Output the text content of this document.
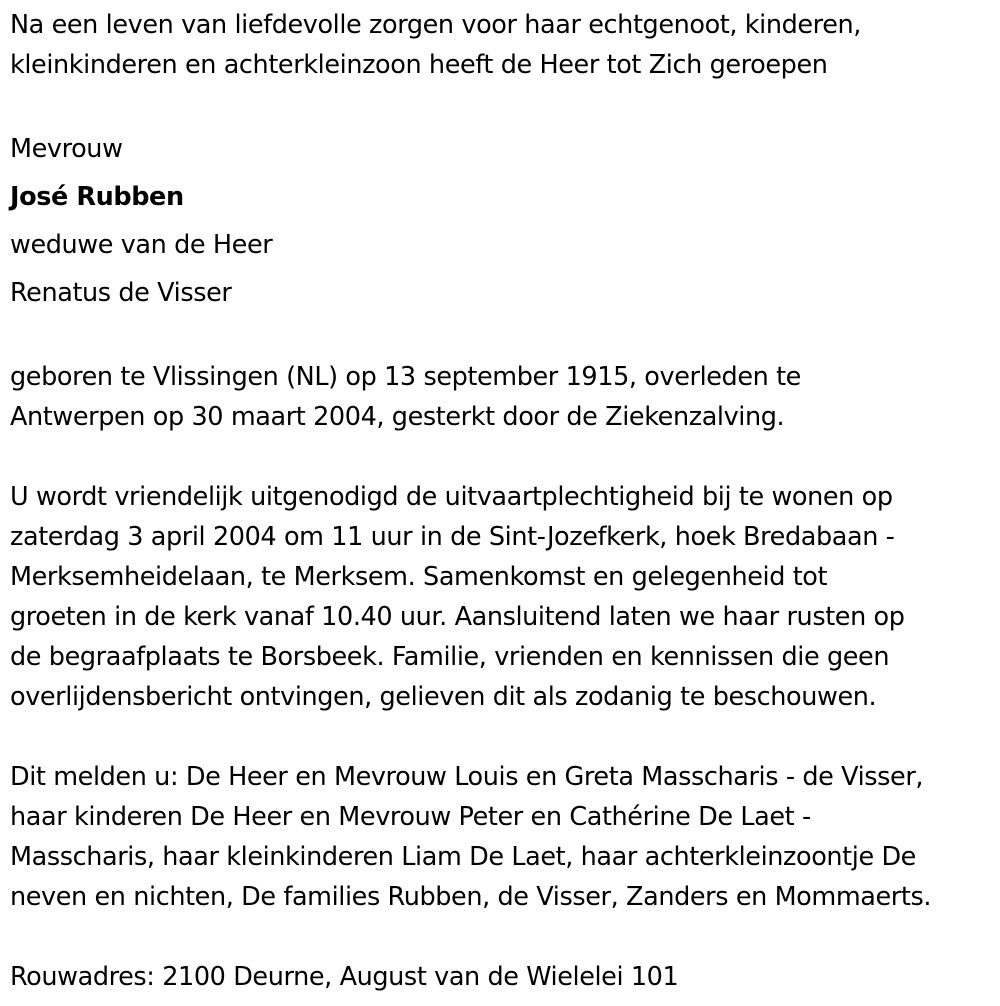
Na een leven van liefdevolle zorgen voor haar echtgenoot, kinderen,
kleinkinderen en achterkleinzoon heeft de Heer tot Zich geroepen
Mevrouw
José Rubben
weduwe van de Heer
Renatus de Visser
geboren te Vlissingen (NL) op 13 september 1915, overleden te
Antwerpen op 30 maart 2004, gesterkt door de Ziekenzalving.
U wordt vriendelijk uitgenodigd de uitvaartplechtigheid bij te wonen op
zaterdag 3 april 2004 om 11 uur in de Sint-Jozefkerk, hoek Bredabaan -
Merksemheidelaan, te Merksem. Samenkomst en gelegenheid tot
groeten in de kerk vanaf 10.40 uur. Aansluitend laten we haar rusten op
de begraafplaats te Borsbeek. Familie, vrienden en kennissen die geen
overlijdensbericht ontvingen, gelieven dit als zodanig te beschouwen.
Dit melden u: De Heer en Mevrouw Louis en Greta Masscharis - de Visser,
haar kinderen De Heer en Mevrouw Peter en Cathérine De Laet -
Masscharis, haar kleinkinderen Liam De Laet, haar achterkleinzoontje De
neven en nichten, De families Rubben, de Visser, Zanders en Mommaerts.
Rouwadres: 2100 Deurne, August van de Wielelei 101
